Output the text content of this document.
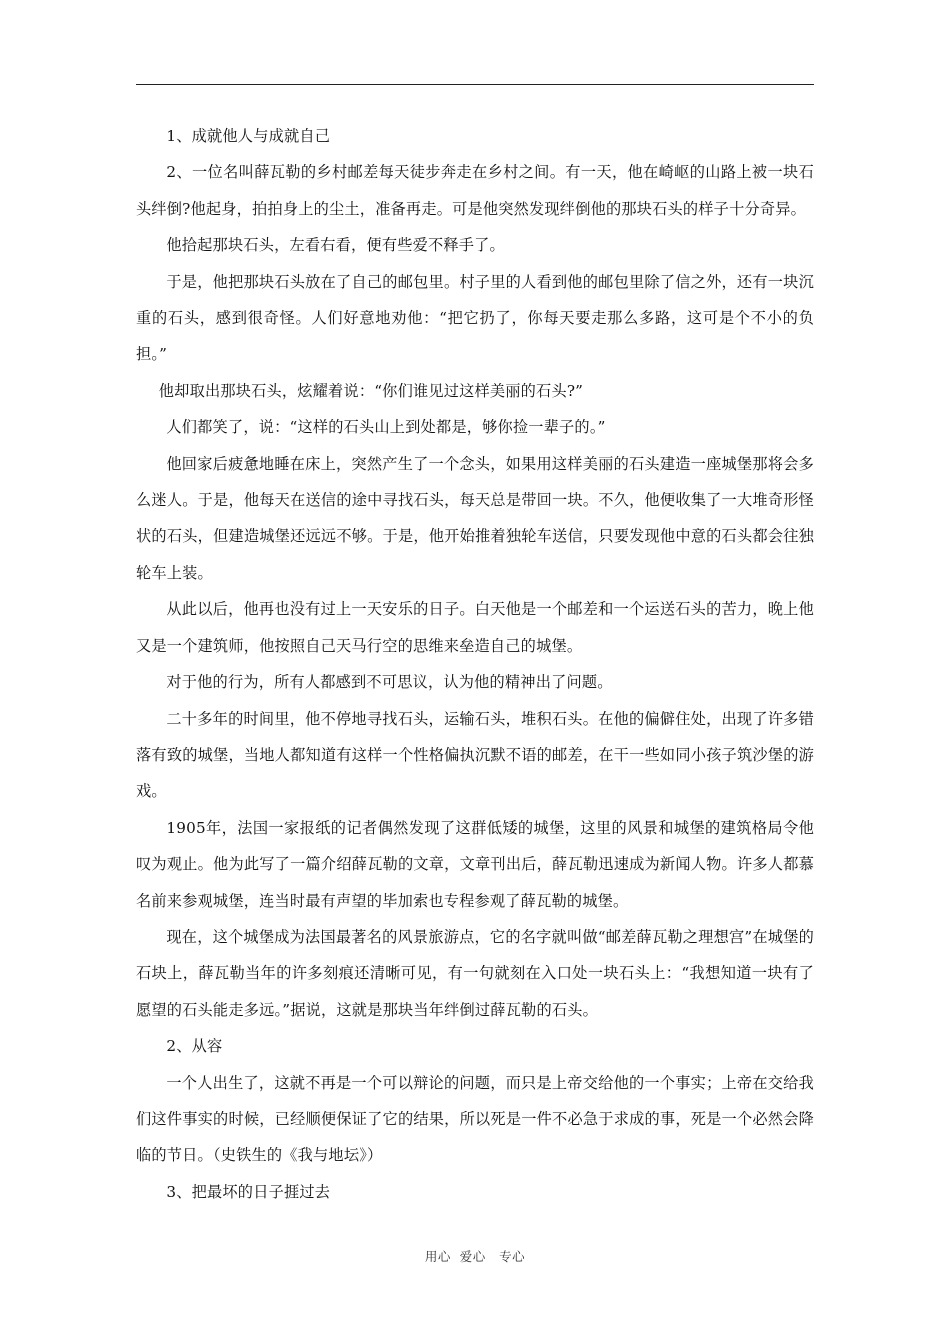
1、成就他人与成就自己

2、一位名叫薛瓦勒的乡村邮差每天徒步奔走在乡村之间。有一天，他在崎岖的山路上被一块石头绊倒?他起身，拍拍身上的尘土，准备再走。可是他突然发现绊倒他的那块石头的样子十分奇异。

他拾起那块石头，左看右看，便有些爱不释手了。

于是，他把那块石头放在了自己的邮包里。村子里的人看到他的邮包里除了信之外，还有一块沉重的石头，感到很奇怪。人们好意地劝他：“把它扔了，你每天要走那么多路，这可是个不小的负担。”

他却取出那块石头，炫耀着说：“你们谁见过这样美丽的石头?”

人们都笑了，说：“这样的石头山上到处都是，够你捡一辈子的。”

他回家后疲惫地睡在床上，突然产生了一个念头，如果用这样美丽的石头建造一座城堡那将会多么迷人。于是，他每天在送信的途中寻找石头，每天总是带回一块。不久，他便收集了一大堆奇形怪状的石头，但建造城堡还远远不够。于是，他开始推着独轮车送信，只要发现他中意的石头都会往独轮车上装。

从此以后，他再也没有过上一天安乐的日子。白天他是一个邮差和一个运送石头的苦力，晚上他又是一个建筑师，他按照自己天马行空的思维来垒造自己的城堡。

对于他的行为，所有人都感到不可思议，认为他的精神出了问题。

二十多年的时间里，他不停地寻找石头，运输石头，堆积石头。在他的偏僻住处，出现了许多错落有致的城堡，当地人都知道有这样一个性格偏执沉默不语的邮差，在干一些如同小孩子筑沙堡的游戏。

1905年，法国一家报纸的记者偶然发现了这群低矮的城堡，这里的风景和城堡的建筑格局令他叹为观止。他为此写了一篇介绍薛瓦勒的文章，文章刊出后，薛瓦勒迅速成为新闻人物。许多人都慕名前来参观城堡，连当时最有声望的毕加索也专程参观了薛瓦勒的城堡。

现在，这个城堡成为法国最著名的风景旅游点，它的名字就叫做“邮差薛瓦勒之理想宫”在城堡的石块上，薛瓦勒当年的许多刻痕还清晰可见，有一句就刻在入口处一块石头上：“我想知道一块有了愿望的石头能走多远。”据说，这就是那块当年绊倒过薛瓦勒的石头。

2、从容

一个人出生了，这就不再是一个可以辩论的问题，而只是上帝交给他的一个事实；上帝在交给我们这件事实的时候，已经顺便保证了它的结果，所以死是一件不必急于求成的事，死是一个必然会降临的节日。（史铁生的《我与地坛》）

3、把最坏的日子捱过去

用心  爱心   专心
